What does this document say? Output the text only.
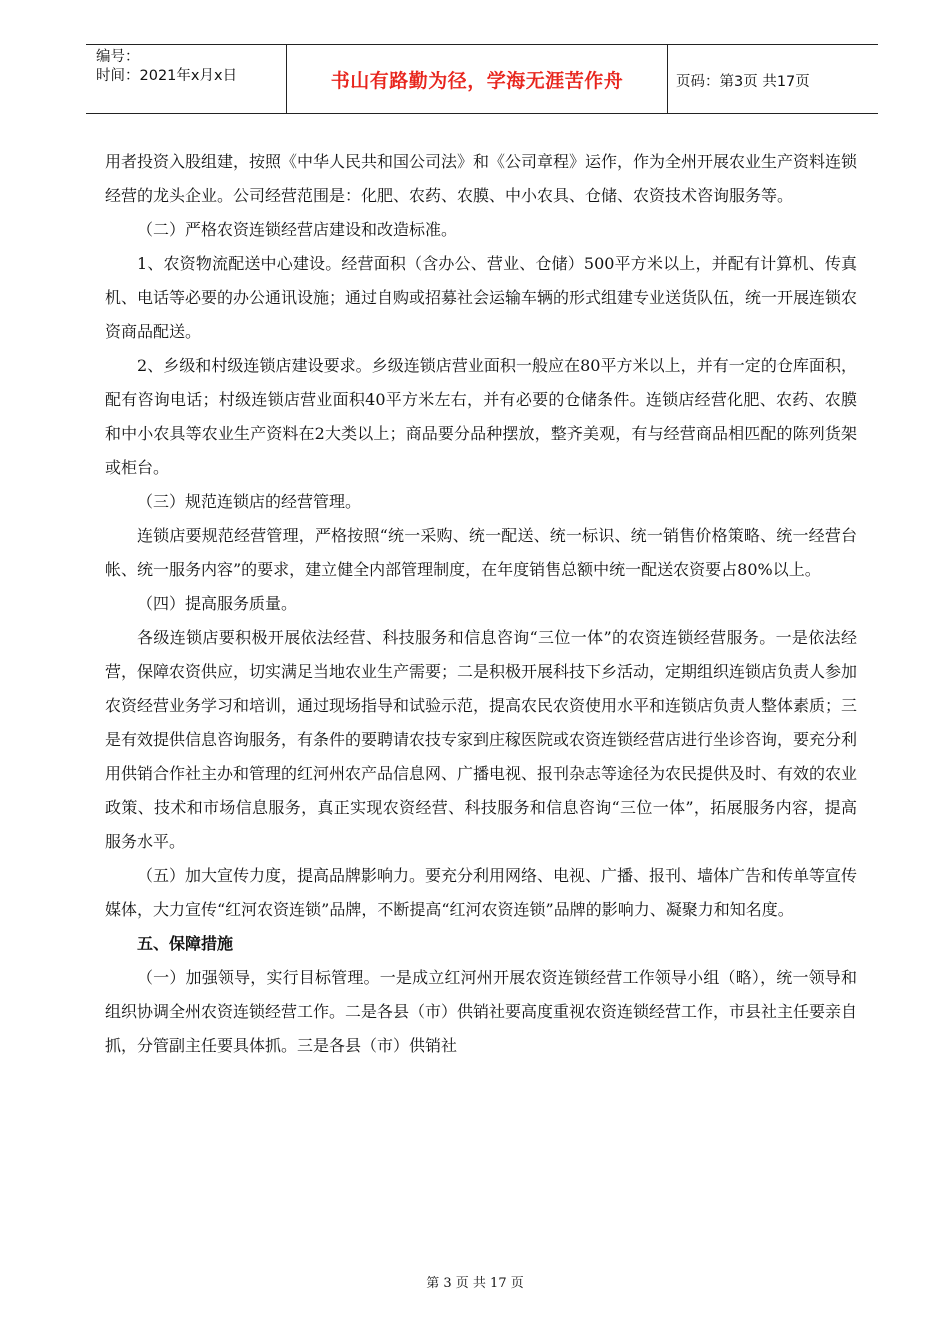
编号：
时间：2021年x月x日	书山有路勤为径，学海无涯苦作舟	页码：第3页 共17页

用者投资入股组建，按照《中华人民共和国公司法》和《公司章程》运作，作为全州开展农业生产资料连锁经营的龙头企业。公司经营范围是：化肥、农药、农膜、中小农具、仓储、农资技术咨询服务等。

（二）严格农资连锁经营店建设和改造标准。

1、农资物流配送中心建设。经营面积（含办公、营业、仓储）500平方米以上，并配有计算机、传真机、电话等必要的办公通讯设施；通过自购或招募社会运输车辆的形式组建专业送货队伍，统一开展连锁农资商品配送。

2、乡级和村级连锁店建设要求。乡级连锁店营业面积一般应在80平方米以上，并有一定的仓库面积，配有咨询电话；村级连锁店营业面积40平方米左右，并有必要的仓储条件。连锁店经营化肥、农药、农膜和中小农具等农业生产资料在2大类以上；商品要分品种摆放，整齐美观，有与经营商品相匹配的陈列货架或柜台。

（三）规范连锁店的经营管理。

连锁店要规范经营管理，严格按照“统一采购、统一配送、统一标识、统一销售价格策略、统一经营台帐、统一服务内容”的要求，建立健全内部管理制度，在年度销售总额中统一配送农资要占80%以上。

（四）提高服务质量。

各级连锁店要积极开展依法经营、科技服务和信息咨询“三位一体”的农资连锁经营服务。一是依法经营，保障农资供应，切实满足当地农业生产需要；二是积极开展科技下乡活动，定期组织连锁店负责人参加农资经营业务学习和培训，通过现场指导和试验示范，提高农民农资使用水平和连锁店负责人整体素质；三是有效提供信息咨询服务，有条件的要聘请农技专家到庄稼医院或农资连锁经营店进行坐诊咨询，要充分利用供销合作社主办和管理的红河州农产品信息网、广播电视、报刊杂志等途径为农民提供及时、有效的农业政策、技术和市场信息服务，真正实现农资经营、科技服务和信息咨询“三位一体”，拓展服务内容，提高服务水平。

（五）加大宣传力度，提高品牌影响力。要充分利用网络、电视、广播、报刊、墙体广告和传单等宣传媒体，大力宣传“红河农资连锁”品牌，不断提高“红河农资连锁”品牌的影响力、凝聚力和知名度。

五、保障措施

（一）加强领导，实行目标管理。一是成立红河州开展农资连锁经营工作领导小组（略），统一领导和组织协调全州农资连锁经营工作。二是各县（市）供销社要高度重视农资连锁经营工作，市县社主任要亲自抓，分管副主任要具体抓。三是各县（市）供销社

第 3 页 共 17 页
